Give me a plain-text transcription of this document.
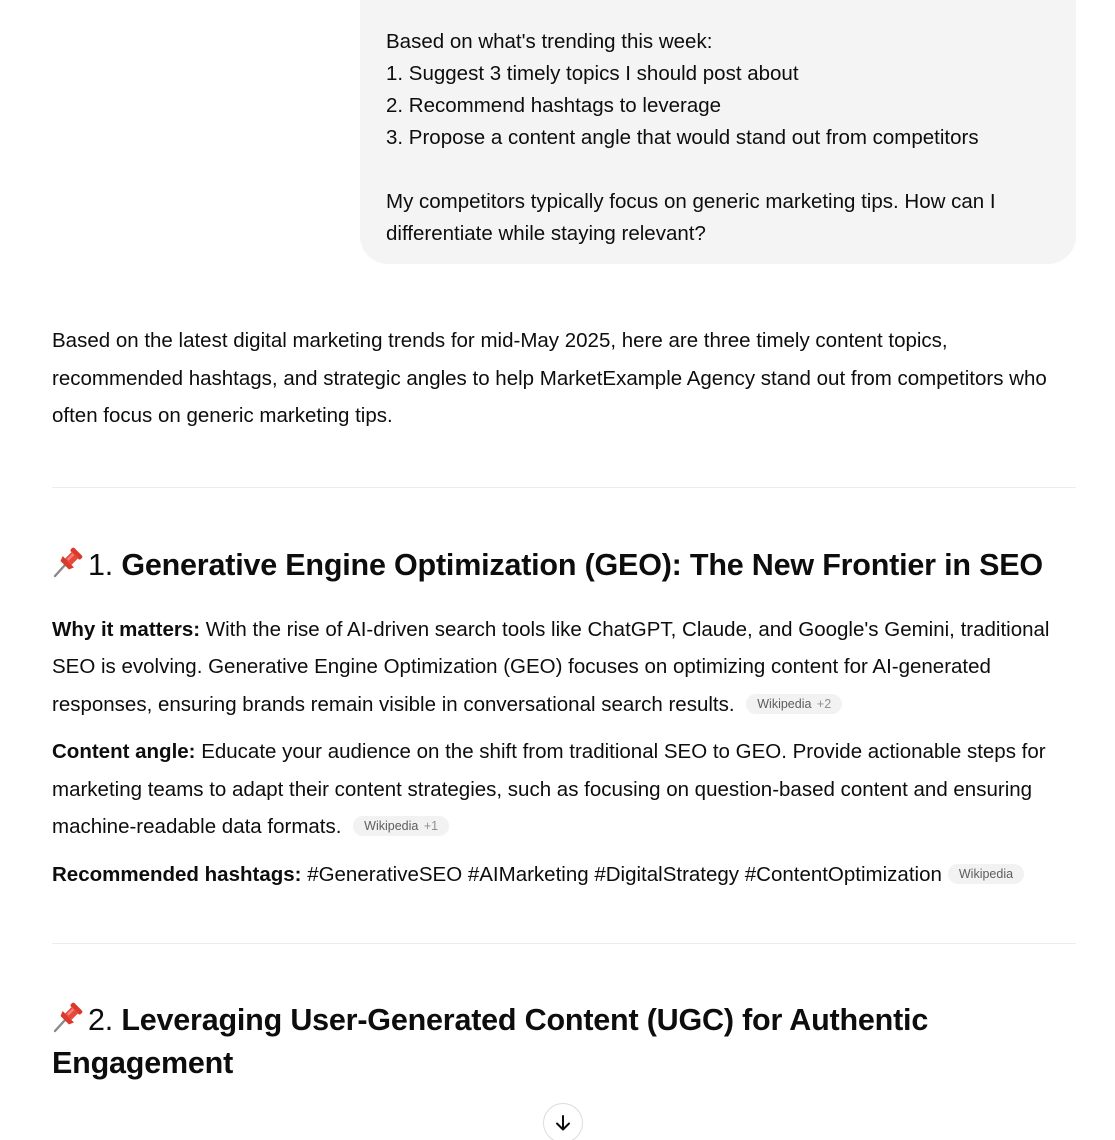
Based on what's trending this week:
1. Suggest 3 timely topics I should post about
2. Recommend hashtags to leverage
3. Propose a content angle that would stand out from competitors
My competitors typically focus on generic marketing tips. How can I differentiate while staying relevant?

Based on the latest digital marketing trends for mid-May 2025, here are three timely content topics, recommended hashtags, and strategic angles to help MarketExample Agency stand out from competitors who often focus on generic marketing tips.

1. Generative Engine Optimization (GEO): The New Frontier in SEO

Why it matters: With the rise of AI-driven search tools like ChatGPT, Claude, and Google's Gemini, traditional SEO is evolving. Generative Engine Optimization (GEO) focuses on optimizing content for AI-generated responses, ensuring brands remain visible in conversational search results. Wikipedia +2

Content angle: Educate your audience on the shift from traditional SEO to GEO. Provide actionable steps for marketing teams to adapt their content strategies, such as focusing on question-based content and ensuring machine-readable data formats. Wikipedia +1

Recommended hashtags: #GenerativeSEO #AIMarketing #DigitalStrategy #ContentOptimization Wikipedia

2. Leveraging User-Generated Content (UGC) for Authentic Engagement
